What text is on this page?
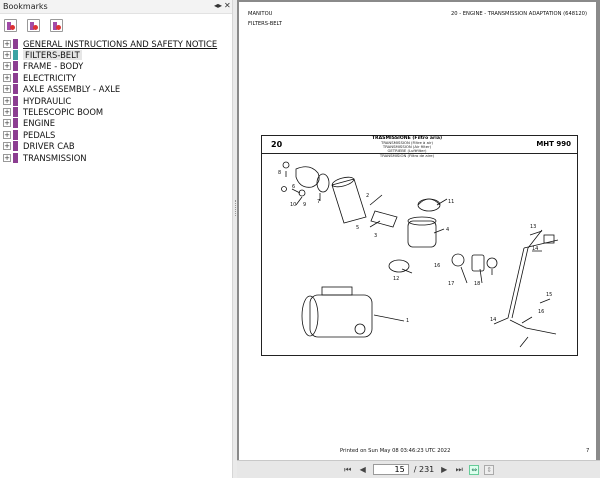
Bookmarks	◂▸ ✕
+ GENERAL INSTRUCTIONS AND SAFETY NOTICE
+ FILTERS-BELT
+ FRAME - BODY
+ ELECTRICITY
+ AXLE ASSEMBLY - AXLE
+ HYDRAULIC
+ TELESCOPIC BOOM
+ ENGINE
+ PEDALS
+ DRIVER CAB
+ TRANSMISSION
MANITOU	20 - ENGINE - TRANSMISSION ADAPTATION (648120)
FILTERS-BELT
20
TRASMISSIONE (Filtro aria)
TRANSMISSION (Filtre à air)
TRANSMISSION (Air filter)
GETRIEBE (Luftfilter)
TRANSMISIÓN (Filtro de aire)
MHT 990
8
6
10 9 7
5
2
3
11
4	13
14
12
16
17	18
15
1	14
16
Printed on Sun May 08 03:46:23 UTC 2022	7
⏮ ◀	15	/ 231 ▶ ⏭ ⇔ ⇕
